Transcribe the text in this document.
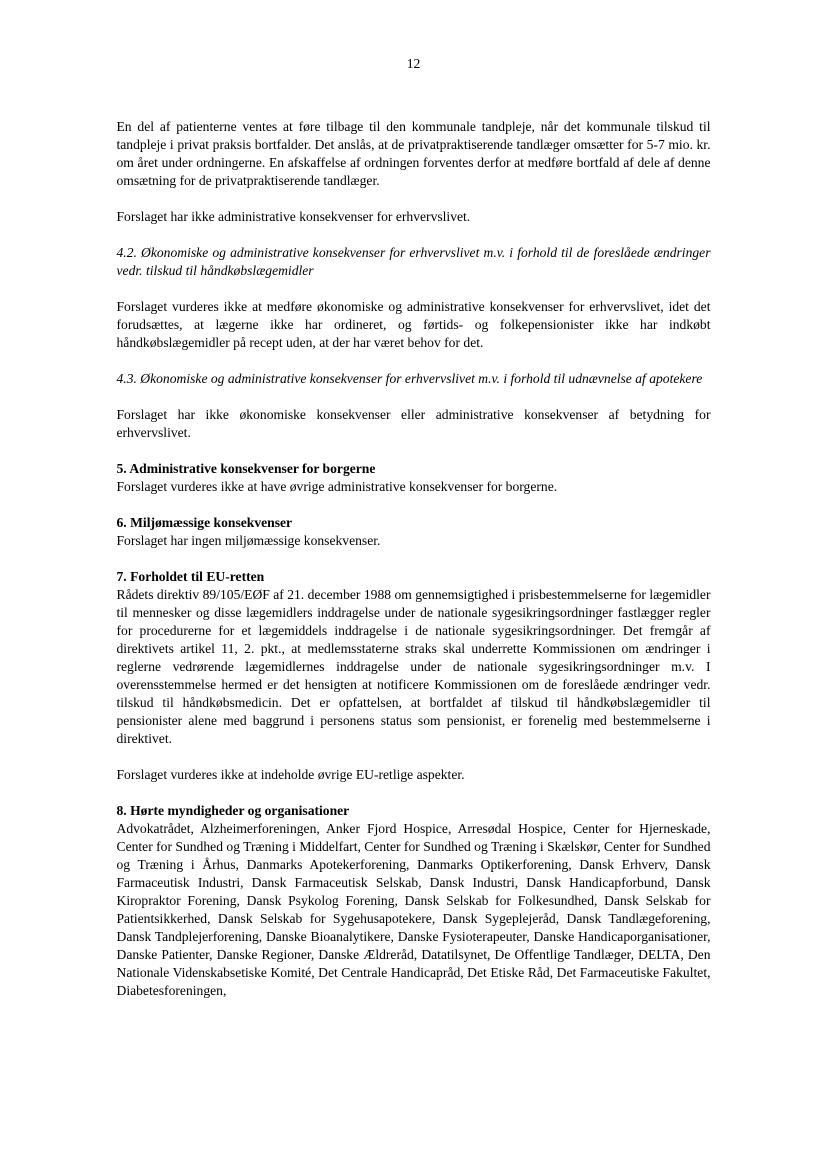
12

En del af patienterne ventes at føre tilbage til den kommunale tandpleje, når det kommunale tilskud til tandpleje i privat praksis bortfalder. Det anslås, at de privatpraktiserende tandlæger omsætter for 5-7 mio. kr. om året under ordningerne. En afskaffelse af ordningen forventes derfor at medføre bortfald af dele af denne omsætning for de privatpraktiserende tandlæger.

Forslaget har ikke administrative konsekvenser for erhvervslivet.

4.2. Økonomiske og administrative konsekvenser for erhvervslivet m.v. i forhold til de foreslåede ændringer vedr. tilskud til håndkøbslægemidler

Forslaget vurderes ikke at medføre økonomiske og administrative konsekvenser for erhvervslivet, idet det forudsættes, at lægerne ikke har ordineret, og førtids- og folkepensionister ikke har indkøbt håndkøbslægemidler på recept uden, at der har været behov for det.

4.3. Økonomiske og administrative konsekvenser for erhvervslivet m.v. i forhold til udnævnelse af apotekere

Forslaget har ikke økonomiske konsekvenser eller administrative konsekvenser af betydning for erhvervslivet.

5. Administrative konsekvenser for borgerne

Forslaget vurderes ikke at have øvrige administrative konsekvenser for borgerne.

6. Miljømæssige konsekvenser

Forslaget har ingen miljømæssige konsekvenser.

7. Forholdet til EU-retten

Rådets direktiv 89/105/EØF af 21. december 1988 om gennemsigtighed i prisbestemmelserne for lægemidler til mennesker og disse lægemidlers inddragelse under de nationale sygesikringsordninger fastlægger regler for procedurerne for et lægemiddels inddragelse i de nationale sygesikringsordninger. Det fremgår af direktivets artikel 11, 2. pkt., at medlemsstaterne straks skal underrette Kommissionen om ændringer i reglerne vedrørende lægemidlernes inddragelse under de nationale sygesikringsordninger m.v. I overensstemmelse hermed er det hensigten at notificere Kommissionen om de foreslåede ændringer vedr. tilskud til håndkøbsmedicin. Det er opfattelsen, at bortfaldet af tilskud til håndkøbslægemidler til pensionister alene med baggrund i personens status som pensionist, er forenelig med bestemmelserne i direktivet.

Forslaget vurderes ikke at indeholde øvrige EU-retlige aspekter.

8. Hørte myndigheder og organisationer

Advokatrådet, Alzheimerforeningen, Anker Fjord Hospice, Arresødal Hospice, Center for Hjerneskade, Center for Sundhed og Træning i Middelfart, Center for Sundhed og Træning i Skælskør, Center for Sundhed og Træning i Århus, Danmarks Apotekerforening, Danmarks Optikerforening, Dansk Erhverv, Dansk Farmaceutisk Industri, Dansk Farmaceutisk Selskab, Dansk Industri, Dansk Handicapforbund, Dansk Kiropraktor Forening, Dansk Psykolog Forening, Dansk Selskab for Folkesundhed, Dansk Selskab for Patientsikkerhed, Dansk Selskab for Sygehusapotekere, Dansk Sygeplejeråd, Dansk Tandlægeforening, Dansk Tandplejerforening, Danske Bioanalytikere, Danske Fysioterapeuter, Danske Handicaporganisationer, Danske Patienter, Danske Regioner, Danske Ældreråd, Datatilsynet, De Offentlige Tandlæger, DELTA, Den Nationale Videnskabsetiske Komité, Det Centrale Handicapråd, Det Etiske Råd, Det Farmaceutiske Fakultet, Diabetesforeningen,
